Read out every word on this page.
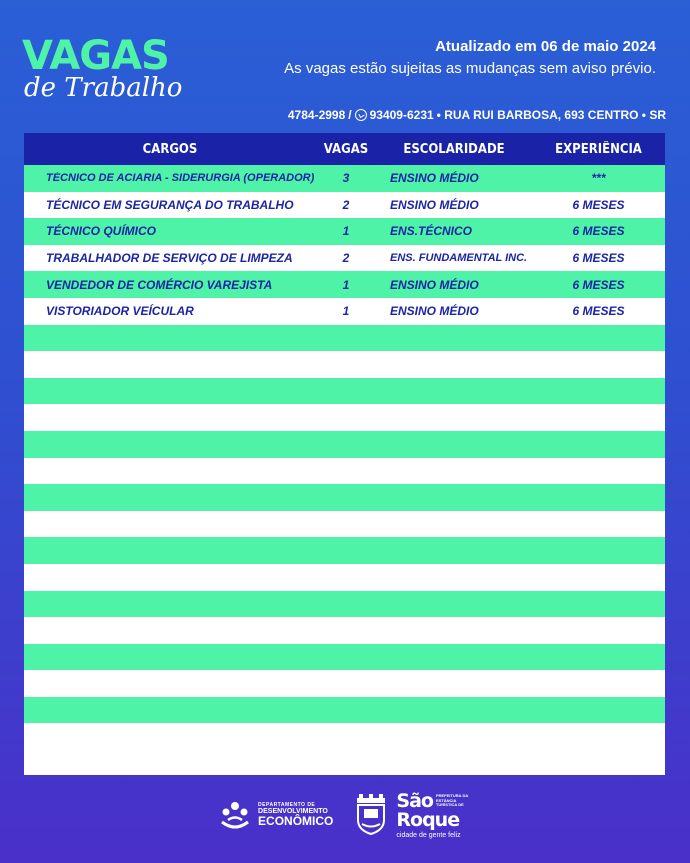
VAGAS
de Trabalho
Atualizado em 06 de maio 2024
As vagas estão sujeitas as mudanças sem aviso prévio.
4784-2998 / 93409-6231 • RUA RUI BARBOSA, 693 CENTRO • SR
CARGOS	VAGAS	ESCOLARIDADE	EXPERIÊNCIA
TÉCNICO DE ACIARIA - SIDERURGIA (OPERADOR)	3	ENSINO MÉDIO	***
TÉCNICO EM SEGURANÇA DO TRABALHO	2	ENSINO MÉDIO	6 MESES
TÉCNICO QUÍMICO	1	ENS.TÉCNICO	6 MESES
TRABALHADOR DE SERVIÇO DE LIMPEZA	2	ENS. FUNDAMENTAL INC.	6 MESES
VENDEDOR DE COMÉRCIO VAREJISTA	1	ENSINO MÉDIO	6 MESES
VISTORIADOR VEÍCULAR	1	ENSINO MÉDIO	6 MESES
DEPARTAMENTO DE
DESENVOLVIMENTO
ECONÔMICO
São PREFEITURA DA ESTÂNCIA TURÍSTICA DE
Roque
cidade de gente feliz
